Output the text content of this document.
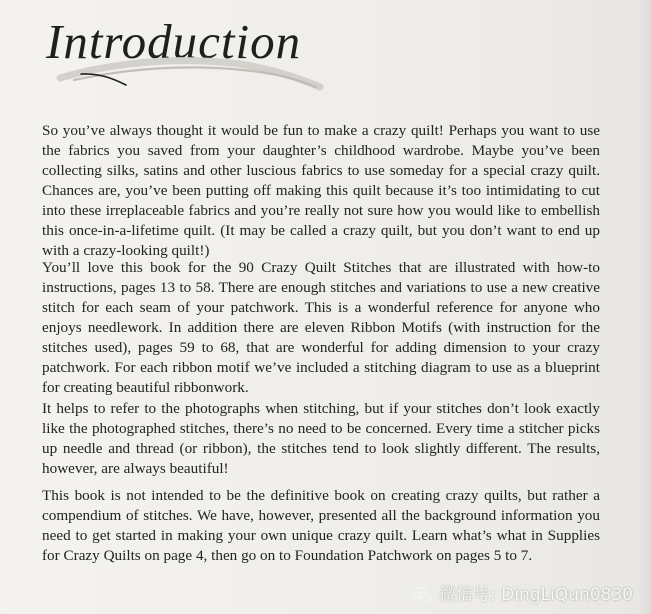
Introduction

So you’ve always thought it would be fun to make a crazy quilt! Perhaps you want to use the fabrics you saved from your daughter’s childhood wardrobe. Maybe you’ve been collecting silks, satins and other luscious fabrics to use someday for a special crazy quilt. Chances are, you’ve been putting off making this quilt because it’s too intimidating to cut into these irreplaceable fabrics and you’re really not sure how you would like to embellish this once-in-a-lifetime quilt. (It may be called a crazy quilt, but you don’t want to end up with a crazy-looking quilt!)

You’ll love this book for the 90 Crazy Quilt Stitches that are illustrated with how-to instructions, pages 13 to 58. There are enough stitches and variations to use a new creative stitch for each seam of your patchwork. This is a wonderful reference for anyone who enjoys needlework. In addition there are eleven Ribbon Motifs (with instruction for the stitches used), pages 59 to 68, that are wonderful for adding dimension to your crazy patchwork. For each ribbon motif we’ve included a stitching diagram to use as a blueprint for creating beautiful ribbonwork.

It helps to refer to the photographs when stitching, but if your stitches don’t look exactly like the photographed stitches, there’s no need to be concerned. Every time a stitcher picks up needle and thread (or ribbon), the stitches tend to look slightly different. The results, however, are always beautiful!

This book is not intended to be the definitive book on creating crazy quilts, but rather a compendium of stitches. We have, however, presented all the background information you need to get started in making your own unique crazy quilt. Learn what’s what in Supplies for Crazy Quilts on page 4, then go on to Foundation Patchwork on pages 5 to 7.

微信号: DingLiQun0830
